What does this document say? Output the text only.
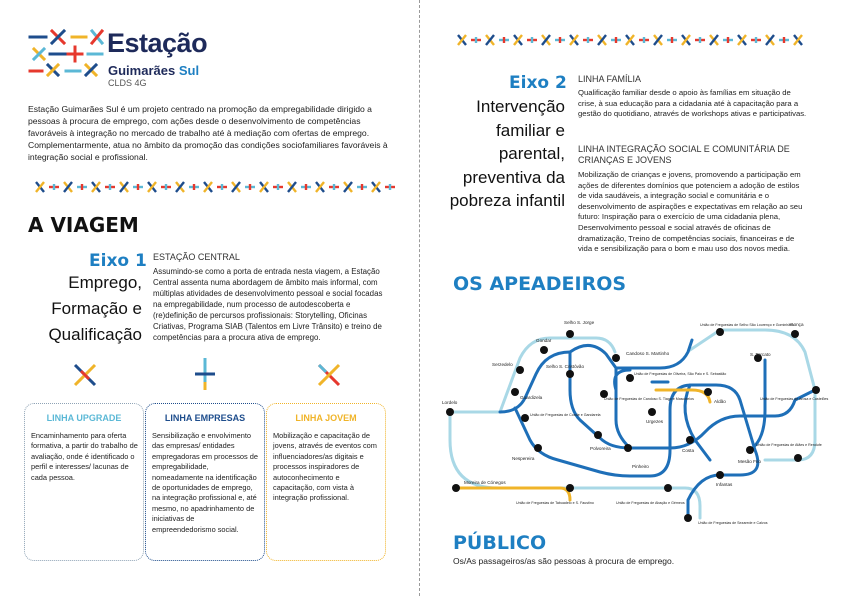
Estação
Guimarães Sul
CLDS 4G
Estação Guimarães Sul é um projeto centrado na promoção da empregabilidade dirigido a pessoas à procura de emprego, com ações desde o desenvolvimento de competências favoráveis à integração no mercado de trabalho até à mediação com ofertas de emprego. Complementarmente, atua no âmbito da promoção das condições sociofamiliares favoráveis à integração social e profissional.
A VIAGEM
Eixo 1
Emprego, Formação e Qualificação
ESTAÇÃO CENTRAL
Assumindo-se como a porta de entrada nesta viagem, a Estação Central assenta numa abordagem de âmbito mais informal, com múltiplas atividades de desenvolvimento pessoal e social focadas na empregabilidade, num processo de autodescoberta e (re)definição de percursos profissionais: Storytelling, Oficinas Criativas, Programa SIAB (Talentos em Livre Trânsito) e treino de competências para a procura ativa de emprego.
LINHA UPGRADE
Encaminhamento para oferta formativa, a partir do trabalho de avaliação, onde é identificado o perfil e interesses/ lacunas de cada pessoa.
LINHA EMPRESAS
Sensibilização e envolvimento das empresas/ entidades empregadoras em processos de empregabilidade, nomeadamente na identificação de oportunidades de emprego, na integração profissional e, até mesmo, no apadrinhamento de iniciativas de empreendedorismo social.
LINHA JOVEM
Mobilização e capacitação de jovens, através de eventos com influenciadores/as digitais e processos inspiradores de autoconhecimento e capacitação, com vista à integração profissional.
Eixo 2
Intervenção familiar e parental, preventiva da pobreza infantil
LINHA FAMÍLIA
Qualificação familiar desde o apoio às famílias em situação de crise, à sua educação para a cidadania até à capacitação para a gestão do quotidiano, através de workshops ativas e participativas.
LINHA INTEGRAÇÃO SOCIAL E COMUNITÁRIA DE CRIANÇAS E JOVENS
Mobilização de crianças e jovens, promovendo a participação em ações de diferentes domínios que potenciem a adoção de estilos de vida saudáveis, a integração social e comunitária e o desenvolvimento de aspirações e expectativas em relação ao seu futuro: Inspiração para o exercício de uma cidadania plena, Desenvolvimento pessoal e social através de oficinas de dramatização, Treino de competências sociais, financeiras e de vida e sensibilização para o bom e mau uso dos novos media.
OS APEADEIROS
Selho S. Jorge
Gondar
Serzedelo	Selho S. Cristóvão
Guardizela
Lordelo
União de Freguesias de Conde e Gandarela
Nespereira
Candoso S. Martinho
União de Freguesias de Oliveira, São Paio e S. Sebastião
União de Freguesias de Candoso S. Tiago e Mascotelos
Urgezes
Polvoreira
Pinheiro
União de Freguesias de Selho São Lourenço e Gominhães
Gonça
S. Torcato
Aldão	União de Freguesias de Arosa e Castelões
Costa
Mesão Frio
União de Freguesias de Atães e Rendufe
Moreira de Cónegos
União de Freguesias de Tabuadelo e S. Faustino	União de Freguesias de Abação e Gémeos
Infantas
União de Freguesias de Sezarede e Calvos
PÚBLICO
Os/As passageiros/as são pessoas à procura de emprego.
